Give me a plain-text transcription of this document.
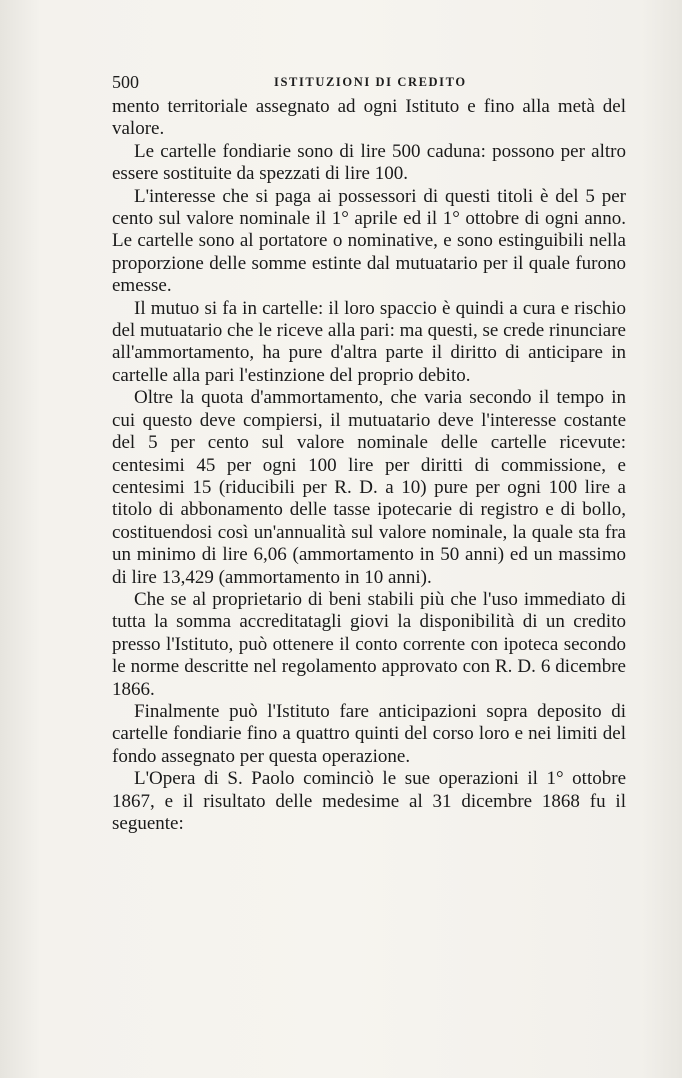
500	ISTITUZIONI DI CREDITO

mento territoriale assegnato ad ogni Istituto e fino alla metà del valore.

Le cartelle fondiarie sono di lire 500 caduna: possono per altro essere sostituite da spezzati di lire 100.

L'interesse che si paga ai possessori di questi titoli è del 5 per cento sul valore nominale il 1° aprile ed il 1° ottobre di ogni anno. Le cartelle sono al portatore o nominative, e sono estinguibili nella proporzione delle somme estinte dal mutuatario per il quale furono emesse.

Il mutuo si fa in cartelle: il loro spaccio è quindi a cura e rischio del mutuatario che le riceve alla pari: ma questi, se crede rinunciare all'ammortamento, ha pure d'altra parte il diritto di anticipare in cartelle alla pari l'estinzione del proprio debito.

Oltre la quota d'ammortamento, che varia secondo il tempo in cui questo deve compiersi, il mutuatario deve l'interesse costante del 5 per cento sul valore nominale delle cartelle ricevute: centesimi 45 per ogni 100 lire per diritti di commissione, e centesimi 15 (riducibili per R. D. a 10) pure per ogni 100 lire a titolo di abbonamento delle tasse ipotecarie di registro e di bollo, costituendosi così un'annualità sul valore nominale, la quale sta fra un minimo di lire 6,06 (ammortamento in 50 anni) ed un massimo di lire 13,429 (ammortamento in 10 anni).

Che se al proprietario di beni stabili più che l'uso immediato di tutta la somma accreditatagli giovi la disponibilità di un credito presso l'Istituto, può ottenere il conto corrente con ipoteca secondo le norme descritte nel regolamento approvato con R. D. 6 dicembre 1866.

Finalmente può l'Istituto fare anticipazioni sopra deposito di cartelle fondiarie fino a quattro quinti del corso loro e nei limiti del fondo assegnato per questa operazione.

L'Opera di S. Paolo cominciò le sue operazioni il 1° ottobre 1867, e il risultato delle medesime al 31 dicembre 1868 fu il seguente:
